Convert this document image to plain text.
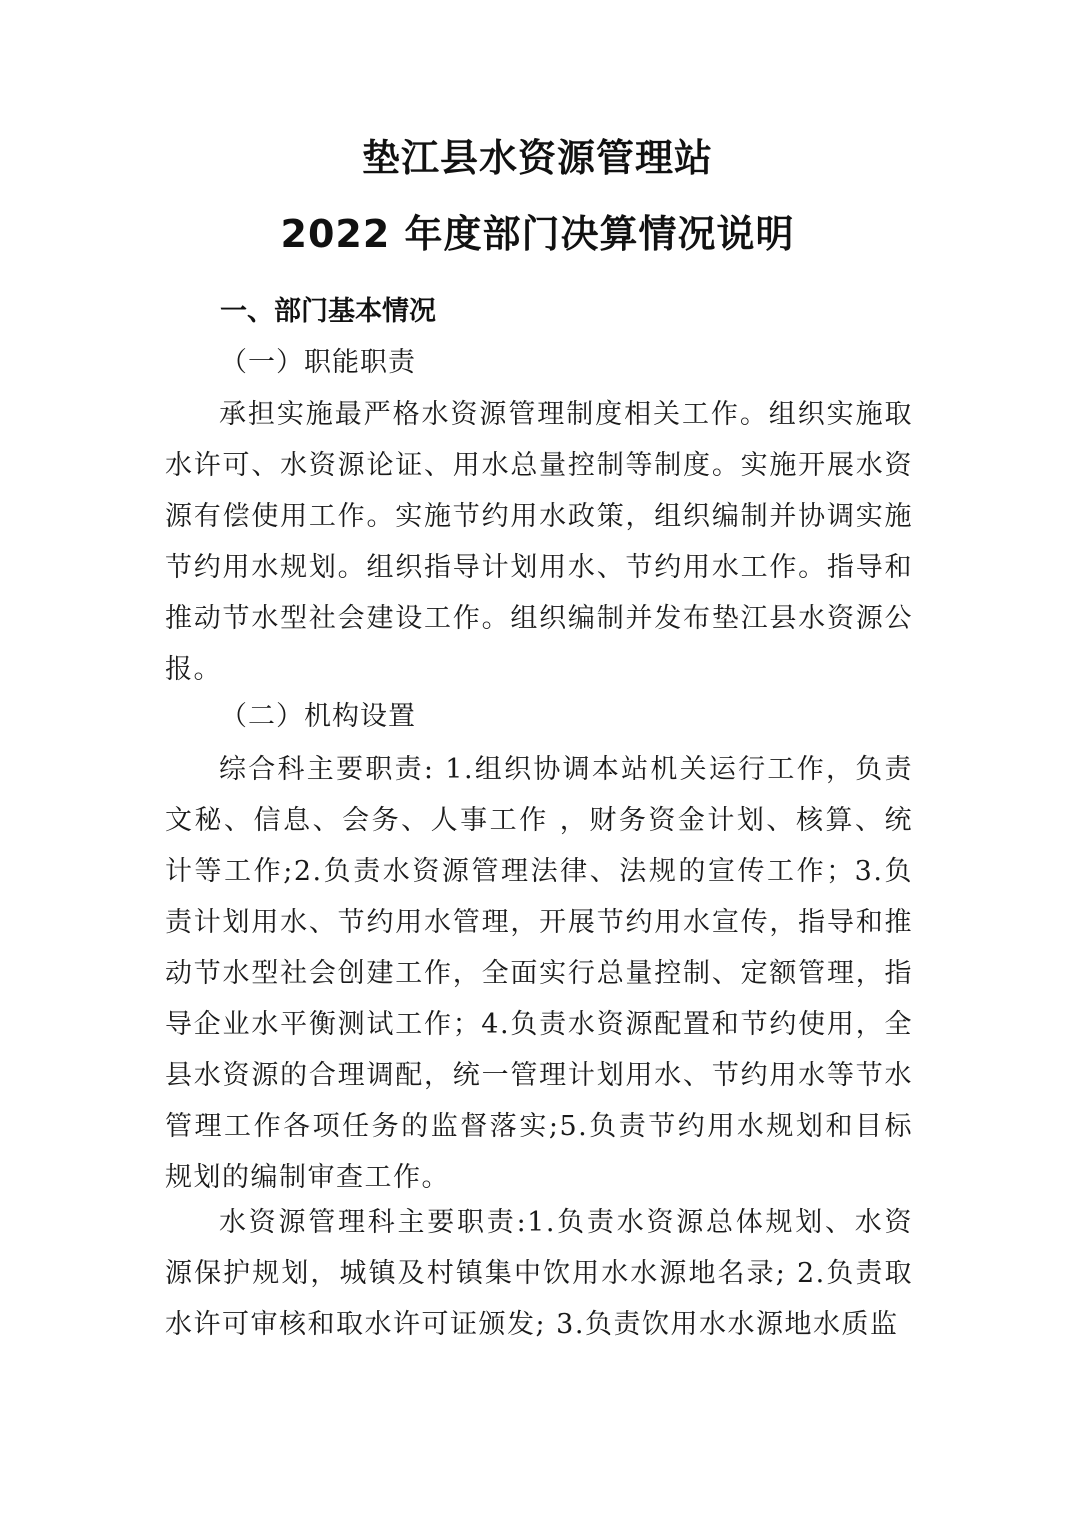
垫江县水资源管理站
2022 年度部门决算情况说明
一、部门基本情况
（一）职能职责

承担实施最严格水资源管理制度相关工作。组织实施取水许可、水资源论证、用水总量控制等制度。实施开展水资源有偿使用工作。实施节约用水政策，组织编制并协调实施节约用水规划。组织指导计划用水、节约用水工作。指导和推动节水型社会建设工作。组织编制并发布垫江县水资源公报。

（二）机构设置

综合科主要职责: 1.组织协调本站机关运行工作，负责文秘、信息、会务、人事工作 ，财务资金计划、核算、统计等工作;2.负责水资源管理法律、法规的宣传工作；3.负责计划用水、节约用水管理，开展节约用水宣传，指导和推动节水型社会创建工作，全面实行总量控制、定额管理，指导企业水平衡测试工作；4.负责水资源配置和节约使用，全县水资源的合理调配，统一管理计划用水、节约用水等节水管理工作各项任务的监督落实;5.负责节约用水规划和目标规划的编制审查工作。

水资源管理科主要职责:1.负责水资源总体规划、水资源保护规划，城镇及村镇集中饮用水水源地名录; 2.负责取水许可审核和取水许可证颁发; 3.负责饮用水水源地水质监
